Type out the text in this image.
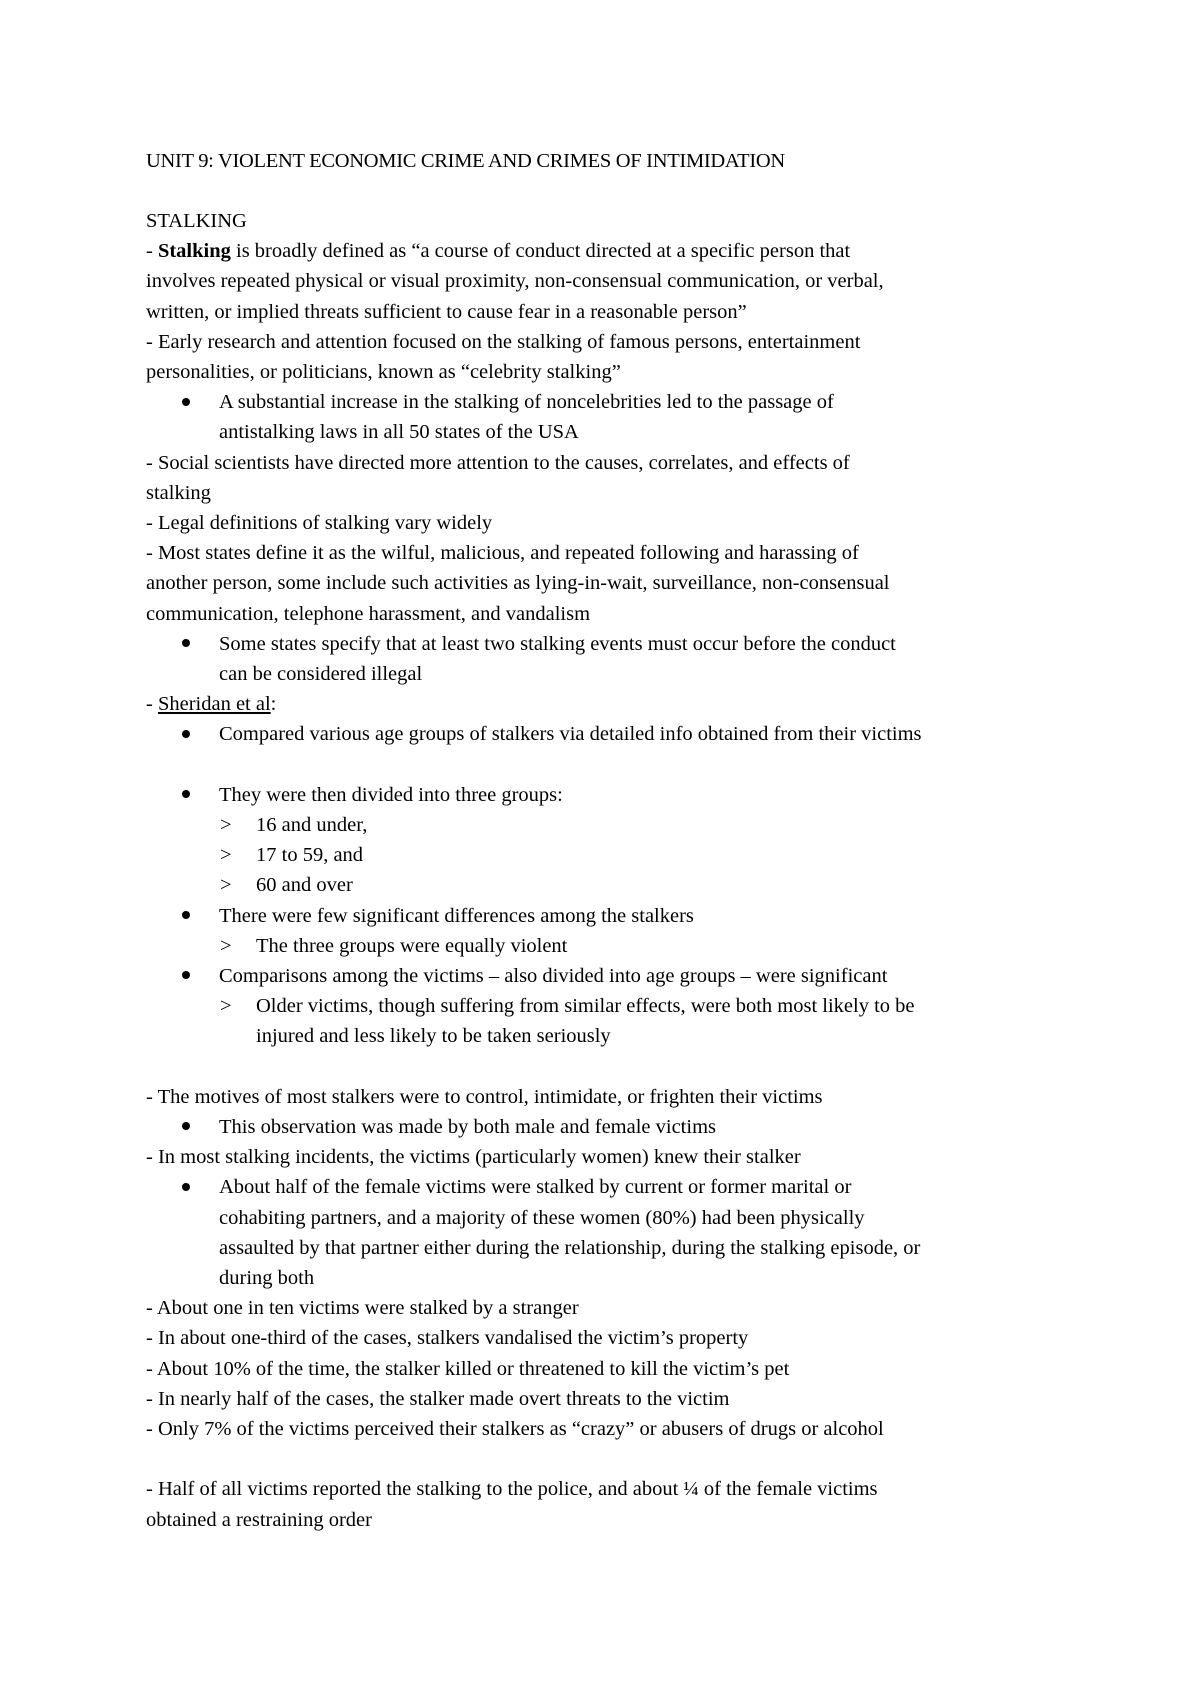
UNIT 9: VIOLENT ECONOMIC CRIME AND CRIMES OF INTIMIDATION
STALKING
- Stalking is broadly defined as “a course of conduct directed at a specific person that
involves repeated physical or visual proximity, non-consensual communication, or verbal,
written, or implied threats sufficient to cause fear in a reasonable person”
- Early research and attention focused on the stalking of famous persons, entertainment
personalities, or politicians, known as “celebrity stalking”
A substantial increase in the stalking of noncelebrities led to the passage of
antistalking laws in all 50 states of the USA
- Social scientists have directed more attention to the causes, correlates, and effects of
stalking
- Legal definitions of stalking vary widely
- Most states define it as the wilful, malicious, and repeated following and harassing of
another person, some include such activities as lying-in-wait, surveillance, non-consensual
communication, telephone harassment, and vandalism
Some states specify that at least two stalking events must occur before the conduct
can be considered illegal
- Sheridan et al:
Compared various age groups of stalkers via detailed info obtained from their victims
They were then divided into three groups:
> 16 and under,
> 17 to 59, and
> 60 and over
There were few significant differences among the stalkers
> The three groups were equally violent
Comparisons among the victims – also divided into age groups – were significant
> Older victims, though suffering from similar effects, were both most likely to be
injured and less likely to be taken seriously
- The motives of most stalkers were to control, intimidate, or frighten their victims
This observation was made by both male and female victims
- In most stalking incidents, the victims (particularly women) knew their stalker
About half of the female victims were stalked by current or former marital or
cohabiting partners, and a majority of these women (80%) had been physically
assaulted by that partner either during the relationship, during the stalking episode, or
during both
- About one in ten victims were stalked by a stranger
- In about one-third of the cases, stalkers vandalised the victim’s property
- About 10% of the time, the stalker killed or threatened to kill the victim’s pet
- In nearly half of the cases, the stalker made overt threats to the victim
- Only 7% of the victims perceived their stalkers as “crazy” or abusers of drugs or alcohol
- Half of all victims reported the stalking to the police, and about ¼ of the female victims
obtained a restraining order
